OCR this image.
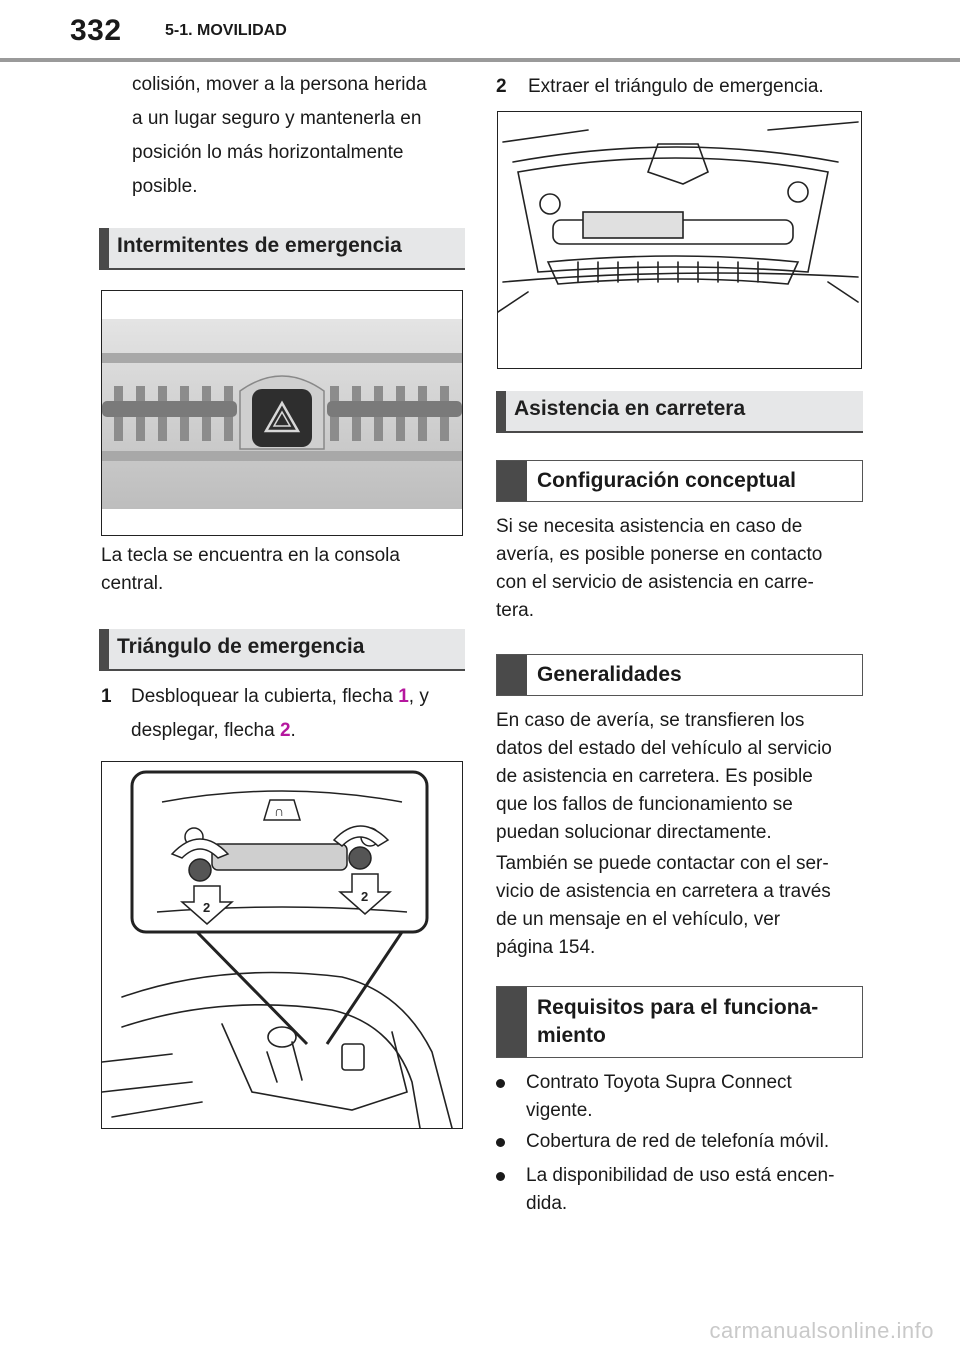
332	5-1. MOVILIDAD

colisión, mover a la persona herida

a un lugar seguro y mantenerla en

posición lo más horizontalmente

posible.

Intermitentes de emergencia

La tecla se encuentra en la consola

central.

Triángulo de emergencia
1 Desbloquear la cubierta, flecha 1, y
desplegar, flecha 2.
∩
2
2
2 Extraer el triángulo de emergencia.
Asistencia en carretera
Configuración conceptual

Si se necesita asistencia en caso de

avería, es posible ponerse en contacto

con el servicio de asistencia en carre-

tera.

Generalidades

En caso de avería, se transfieren los

datos del estado del vehículo al servicio

de asistencia en carretera. Es posible

que los fallos de funcionamiento se

puedan solucionar directamente.

También se puede contactar con el ser-

vicio de asistencia en carretera a través

de un mensaje en el vehículo, ver

página 154.

Requisitos para el funciona-
miento
Contrato Toyota Supra Connect
vigente.
Cobertura de red de telefonía móvil.
La disponibilidad de uso está encen-
dida.
carmanualsonline.info
